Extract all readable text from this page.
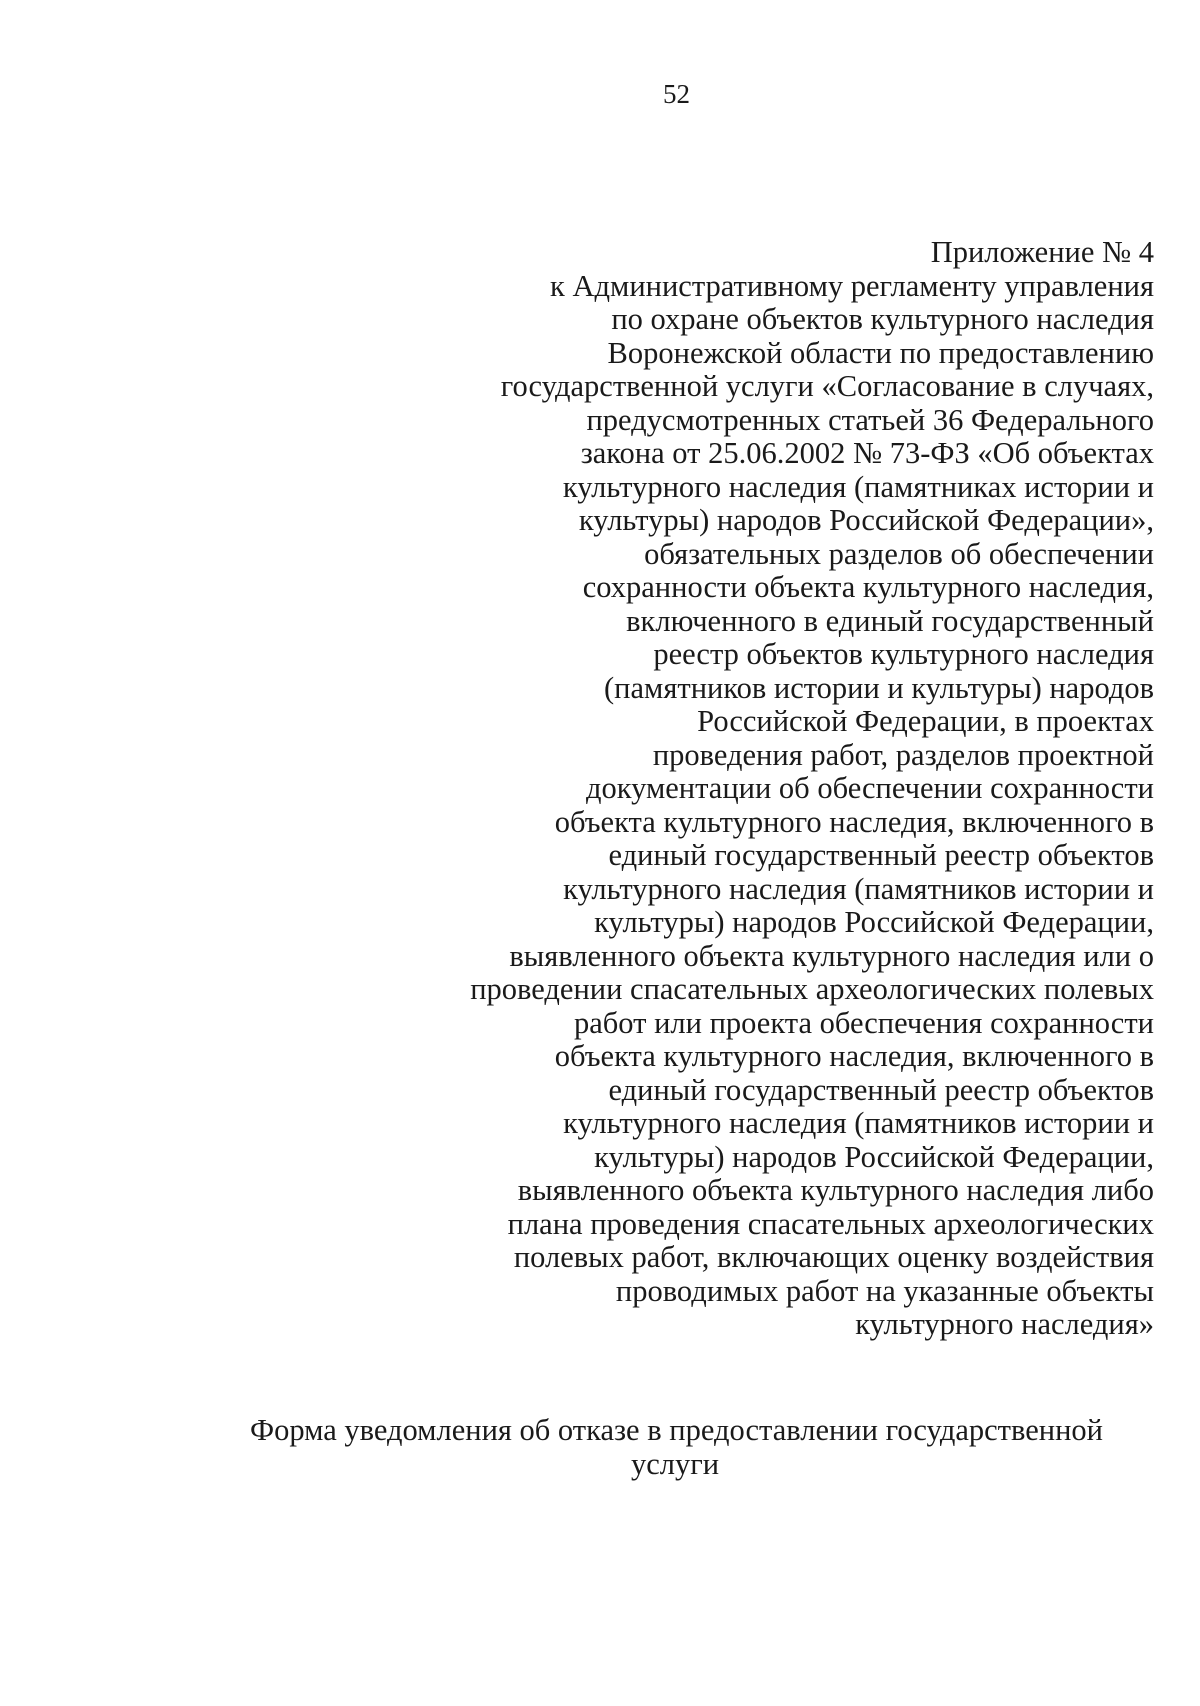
52
Приложение № 4
к Административному регламенту управления
по охране объектов культурного наследия
Воронежской области по предоставлению
государственной услуги «Согласование в случаях,
предусмотренных статьей 36 Федерального
закона от 25.06.2002 № 73-ФЗ «Об объектах
культурного наследия (памятниках истории и
культуры) народов Российской Федерации»,
обязательных разделов об обеспечении
сохранности объекта культурного наследия,
включенного в единый государственный
реестр объектов культурного наследия
(памятников истории и культуры) народов
Российской Федерации, в проектах
проведения работ, разделов проектной
документации об обеспечении сохранности
объекта культурного наследия, включенного в
единый государственный реестр объектов
культурного наследия (памятников истории и
культуры) народов Российской Федерации,
выявленного объекта культурного наследия или о
проведении спасательных археологических полевых
работ или проекта обеспечения сохранности
объекта культурного наследия, включенного в
единый государственный реестр объектов
культурного наследия (памятников истории и
культуры) народов Российской Федерации,
выявленного объекта культурного наследия либо
плана проведения спасательных археологических
полевых работ, включающих оценку воздействия
проводимых работ на указанные объекты
культурного наследия»
Форма уведомления об отказе в предоставлении государственной
услуги
